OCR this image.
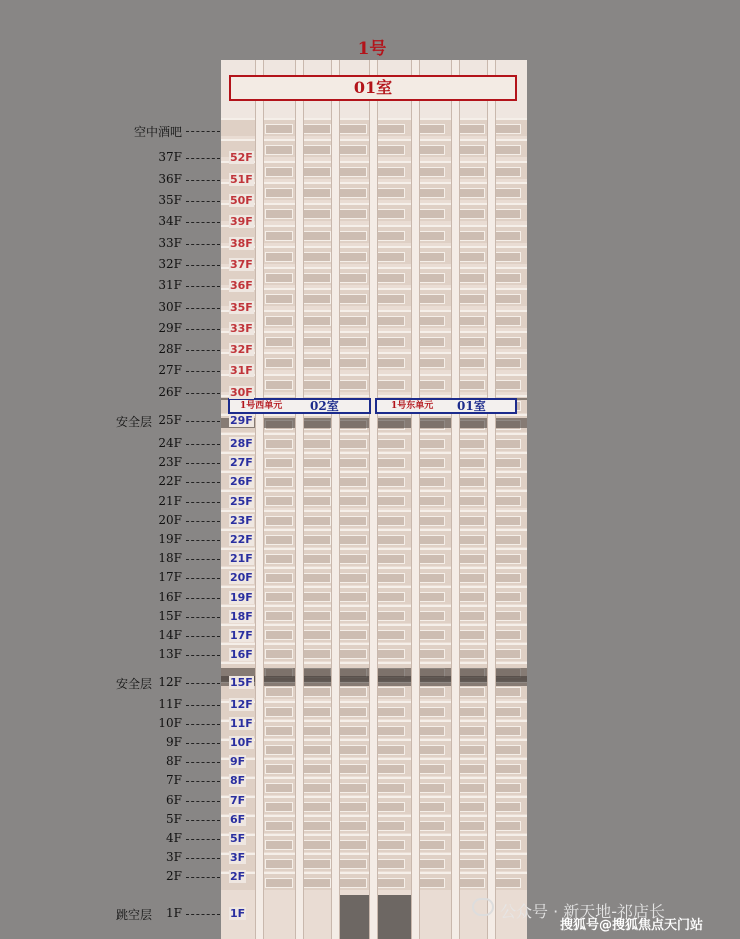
1号
空中酒吧
37F
36F
35F
34F
33F
32F
31F
30F
29F
28F
27F
26F
25F
安全层
24F
23F
22F
21F
20F
19F
18F
17F
16F
15F
14F
13F
12F
安全层
11F
10F
9F
8F
7F
6F
5F
4F
3F
2F
1F
跳空层
01室
1号西单元 02室	1号东单元 01室
公众号 · 新天地-祁店长
搜狐号@搜狐焦点天门站
52F
51F
50F
39F
38F
37F
36F
35F
33F
32F
31F
30F
29F
28F
27F
26F
25F
23F
22F
21F
20F
19F
18F
17F
16F
15F
12F
11F
10F
9F
8F
7F
6F
5F
3F
2F
1F
